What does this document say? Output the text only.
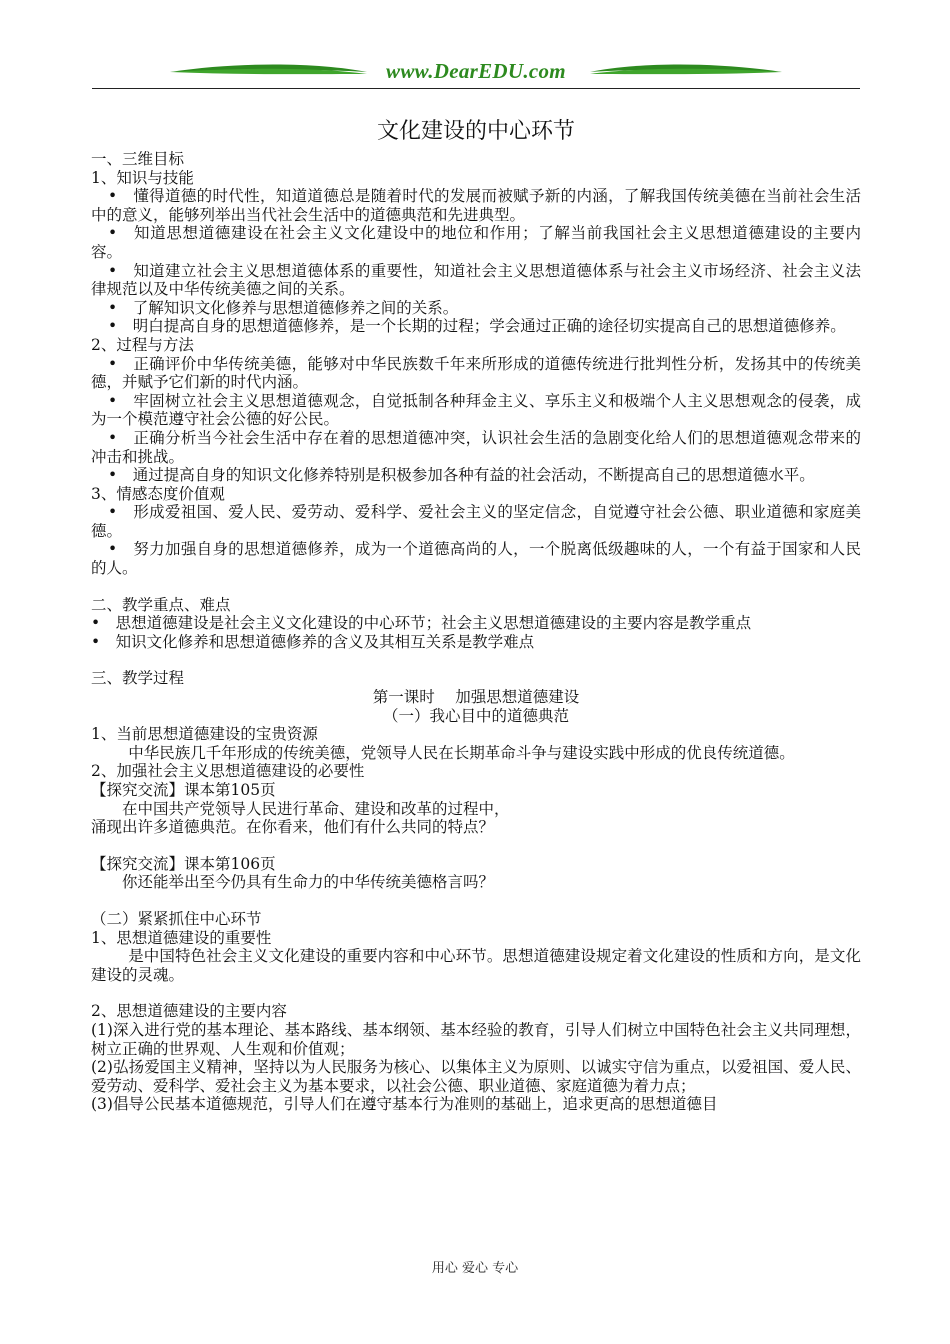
www.DearEDU.com
文化建设的中心环节
一、三维目标
1、知识与技能
•　懂得道德的时代性，知道道德总是随着时代的发展而被赋予新的内涵，了解我国传统美德在当前社会生活中的意义，能够列举出当代社会生活中的道德典范和先进典型。
•　知道思想道德建设在社会主义文化建设中的地位和作用；了解当前我国社会主义思想道德建设的主要内容。
•　知道建立社会主义思想道德体系的重要性，知道社会主义思想道德体系与社会主义市场经济、社会主义法律规范以及中华传统美德之间的关系。
•　了解知识文化修养与思想道德修养之间的关系。
•　明白提高自身的思想道德修养，是一个长期的过程；学会通过正确的途径切实提高自己的思想道德修养。
2、过程与方法
•　正确评价中华传统美德，能够对中华民族数千年来所形成的道德传统进行批判性分析，发扬其中的传统美德，并赋予它们新的时代内涵。
•　牢固树立社会主义思想道德观念，自觉抵制各种拜金主义、享乐主义和极端个人主义思想观念的侵袭，成为一个模范遵守社会公德的好公民。
•　正确分析当今社会生活中存在着的思想道德冲突，认识社会生活的急剧变化给人们的思想道德观念带来的冲击和挑战。
•　通过提高自身的知识文化修养特别是积极参加各种有益的社会活动，不断提高自己的思想道德水平。
3、情感态度价值观
•　形成爱祖国、爱人民、爱劳动、爱科学、爱社会主义的坚定信念，自觉遵守社会公德、职业道德和家庭美德。
•　努力加强自身的思想道德修养，成为一个道德高尚的人，一个脱离低级趣味的人，一个有益于国家和人民的人。
二、教学重点、难点
•　思想道德建设是社会主义文化建设的中心环节；社会主义思想道德建设的主要内容是教学重点
•　知识文化修养和思想道德修养的含义及其相互关系是教学难点
三、教学过程
第一课时　 加强思想道德建设
（一）我心目中的道德典范
1、当前思想道德建设的宝贵资源
中华民族几千年形成的传统美德，党领导人民在长期革命斗争与建设实践中形成的优良传统道德。
2、加强社会主义思想道德建设的必要性
【探究交流】课本第105页
在中国共产党领导人民进行革命、建设和改革的过程中，
涌现出许多道德典范。在你看来，他们有什么共同的特点？
【探究交流】课本第106页
你还能举出至今仍具有生命力的中华传统美德格言吗？
（二）紧紧抓住中心环节
1、思想道德建设的重要性
是中国特色社会主义文化建设的重要内容和中心环节。思想道德建设规定着文化建设的性质和方向，是文化建设的灵魂。
2、思想道德建设的主要内容
(1)深入进行党的基本理论、基本路线、基本纲领、基本经验的教育，引导人们树立中国特色社会主义共同理想，树立正确的世界观、人生观和价值观；
(2)弘扬爱国主义精神，坚持以为人民服务为核心、以集体主义为原则、以诚实守信为重点，以爱祖国、爱人民、爱劳动、爱科学、爱社会主义为基本要求，以社会公德、职业道德、家庭道德为着力点；
(3)倡导公民基本道德规范，引导人们在遵守基本行为准则的基础上，追求更高的思想道德目
用心 爱心 专心
